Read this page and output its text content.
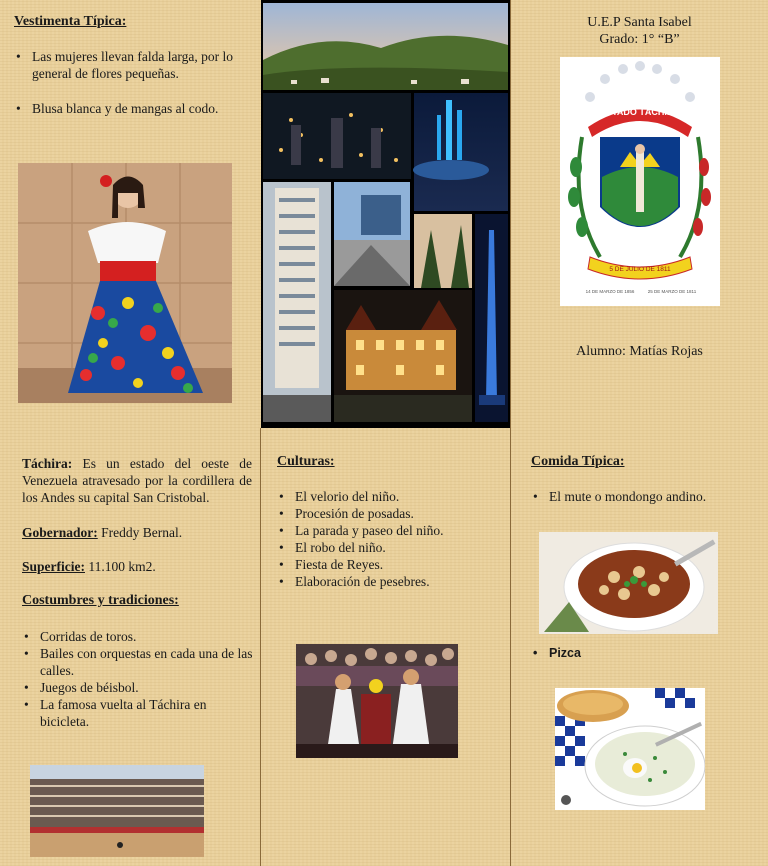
Vestimenta Típica:
• Las mujeres llevan falda larga, por lo general de flores pequeñas.
• Blusa blanca y de mangas al codo.
U.E.P Santa Isabel
Grado: 1° “B”
ESTADO TÁCHIRA
5 DE JULIO DE 1811
14 DE MARZO DE 1856	25 DE MARZO DE 1811
Alumno: Matías Rojas
Táchira: Es un estado del oeste de Venezuela atravesado por la cordillera de los Andes su capital San Cristobal.
Gobernador: Freddy Bernal.
Superficie: 11.100 km2.
Costumbres y tradiciones:
• Corridas de toros.
• Bailes con orquestas en cada una de las calles.
• Juegos de béisbol.
• La famosa vuelta al Táchira en bicicleta.
Culturas:
• El velorio del niño.
• Procesión de posadas.
• La parada y paseo del niño.
• El robo del niño.
• Fiesta de Reyes.
• Elaboración de pesebres.
Comida Típica:
• El mute o mondongo andino.
• Pizca
